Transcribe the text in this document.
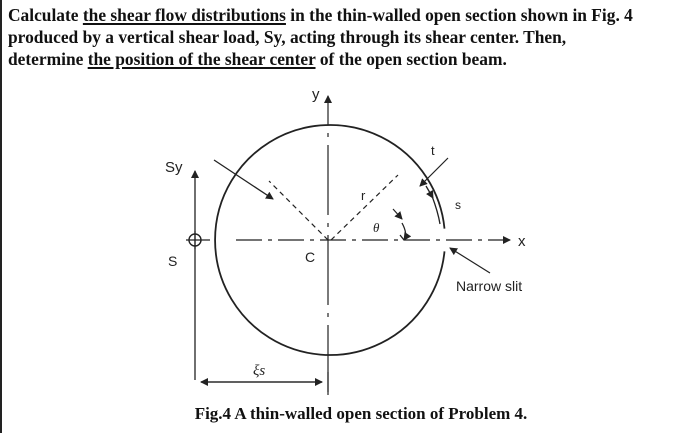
Calculate the shear flow distributions in the thin-walled open section shown in Fig. 4

produced by a vertical shear load, Sy, acting through its shear center. Then,

determine the position of the shear center of the open section beam.

y
x
C
r
θ
s
t
Narrow slit
Sy
S
ξs
Fig.4 A thin-walled open section of Problem 4.
